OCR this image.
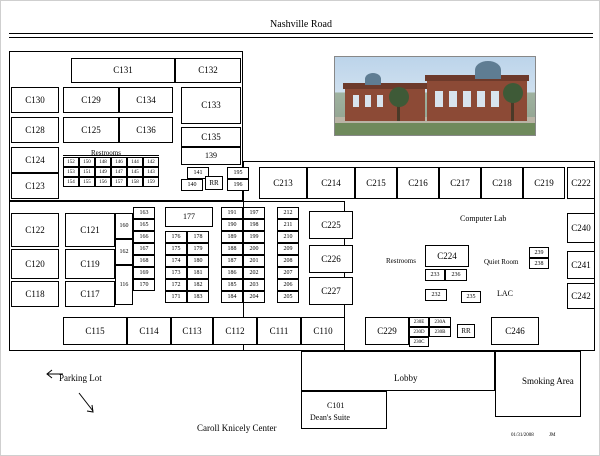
Nashville Road
C131	C132
C130	C129	C134
C133
C128	C125	C136
C135
139
C124
C123
C122	C121
C120	C119
C118	C117
C115	C114	C113	C112	C111	C110
C213	C214	C215	C216	C217	C218	C219	C222
C240
C241
C242
C225
C226
C227
C224
C229	C246
177
141
140
195
196
RR
RR
233	236
232	235
239
238
230A
230B
230E
230D
230C
152	150	148	146	144	142
153	151	149	147	145	143
154	155	156	157	158	159
160
162
116
163
165
166
167
168
169
170
176
175
174
173
172
171
178
179
180
181
182
183
191
190
189
188
187
186
185
184
197
198
199
200
201
202
203
204
212
211
210
209
208
207
206
205
Parking Lot	Lobby	Smoking Area
Caroll Knicely Center
Dean's Suite
C101
Restrooms
Restrooms
Computer Lab
Quiet Room
LAC
01/31/2008	JM
